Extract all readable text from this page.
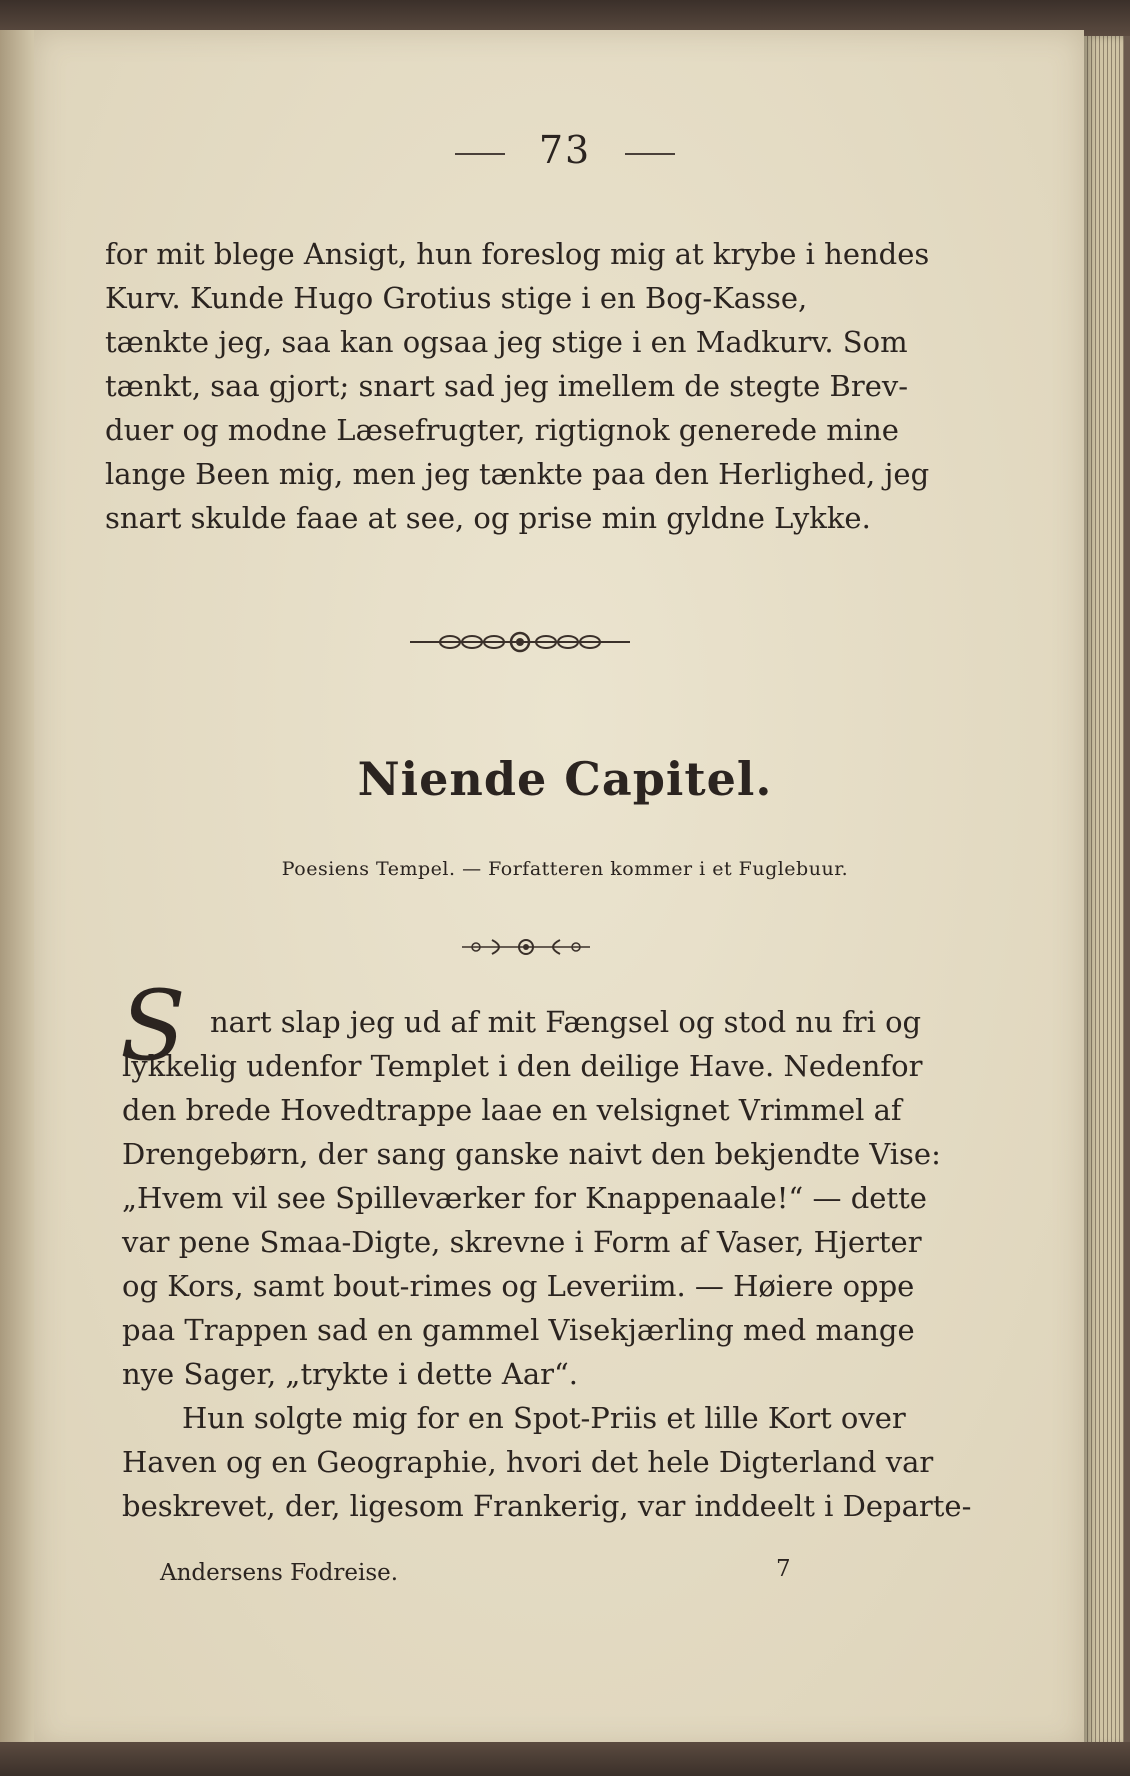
73
for mit blege Ansigt, hun foreslog mig at krybe i hendes
Kurv. Kunde Hugo Grotius stige i en Bog-Kasse,
tænkte jeg, saa kan ogsaa jeg stige i en Madkurv. Som
tænkt, saa gjort; snart sad jeg imellem de stegte Brev-
duer og modne Læsefrugter, rigtignok generede mine
lange Been mig, men jeg tænkte paa den Herlighed, jeg
snart skulde faae at see, og prise min gyldne Lykke.
Niende Capitel.
Poesiens Tempel. — Forfatteren kommer i et Fuglebuur.
S nart slap jeg ud af mit Fængsel og stod nu fri og
lykkelig udenfor Templet i den deilige Have. Nedenfor
den brede Hovedtrappe laae en velsignet Vrimmel af
Drengebørn, der sang ganske naivt den bekjendte Vise:
„Hvem vil see Spilleværker for Knappenaale!“ — dette
var pene Smaa-Digte, skrevne i Form af Vaser, Hjerter
og Kors, samt bout-rimes og Leveriim. — Høiere oppe
paa Trappen sad en gammel Visekjærling med mange
nye Sager, „trykte i dette Aar“.
Hun solgte mig for en Spot-Priis et lille Kort over
Haven og en Geographie, hvori det hele Digterland var
beskrevet, der, ligesom Frankerig, var inddeelt i Departe-
Andersens Fodreise.	7
